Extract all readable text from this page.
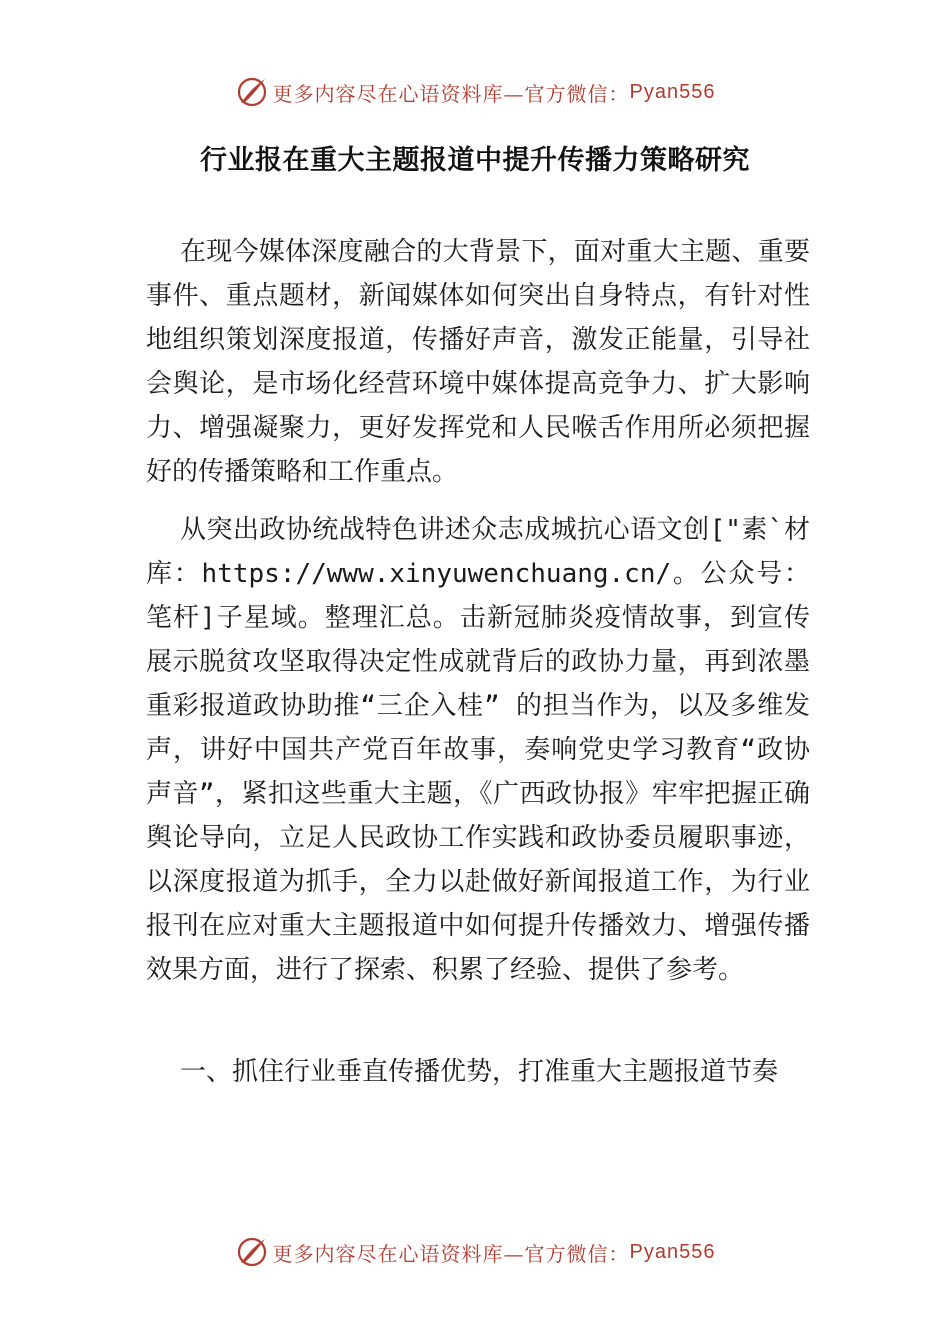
更多内容尽在心语资料库—官方微信： Pyan556
行业报在重大主题报道中提升传播力策略研究

在现今媒体深度融合的大背景下，面对重大主题、重要事件、重点题材，新闻媒体如何突出自身特点，有针对性地组织策划深度报道，传播好声音，激发正能量，引导社会舆论，是市场化经营环境中媒体提高竞争力、扩大影响力、增强凝聚力，更好发挥党和人民喉舌作用所必须把握好的传播策略和工作重点。

从突出政协统战特色讲述众志成城抗心语文创["素`材库：https://www.xinyuwenchuang.cn/。公众号：笔杆]子星域。整理汇总。击新冠肺炎疫情故事，到宣传展示脱贫攻坚取得决定性成就背后的政协力量，再到浓墨重彩报道政协助推“三企入桂” 的担当作为，以及多维发声，讲好中国共产党百年故事，奏响党史学习教育“政协声音”，紧扣这些重大主题，《广西政协报》牢牢把握正确舆论导向，立足人民政协工作实践和政协委员履职事迹，以深度报道为抓手，全力以赴做好新闻报道工作，为行业报刊在应对重大主题报道中如何提升传播效力、增强传播效果方面，进行了探索、积累了经验、提供了参考。

一、抓住行业垂直传播优势，打准重大主题报道节奏

更多内容尽在心语资料库—官方微信： Pyan556
